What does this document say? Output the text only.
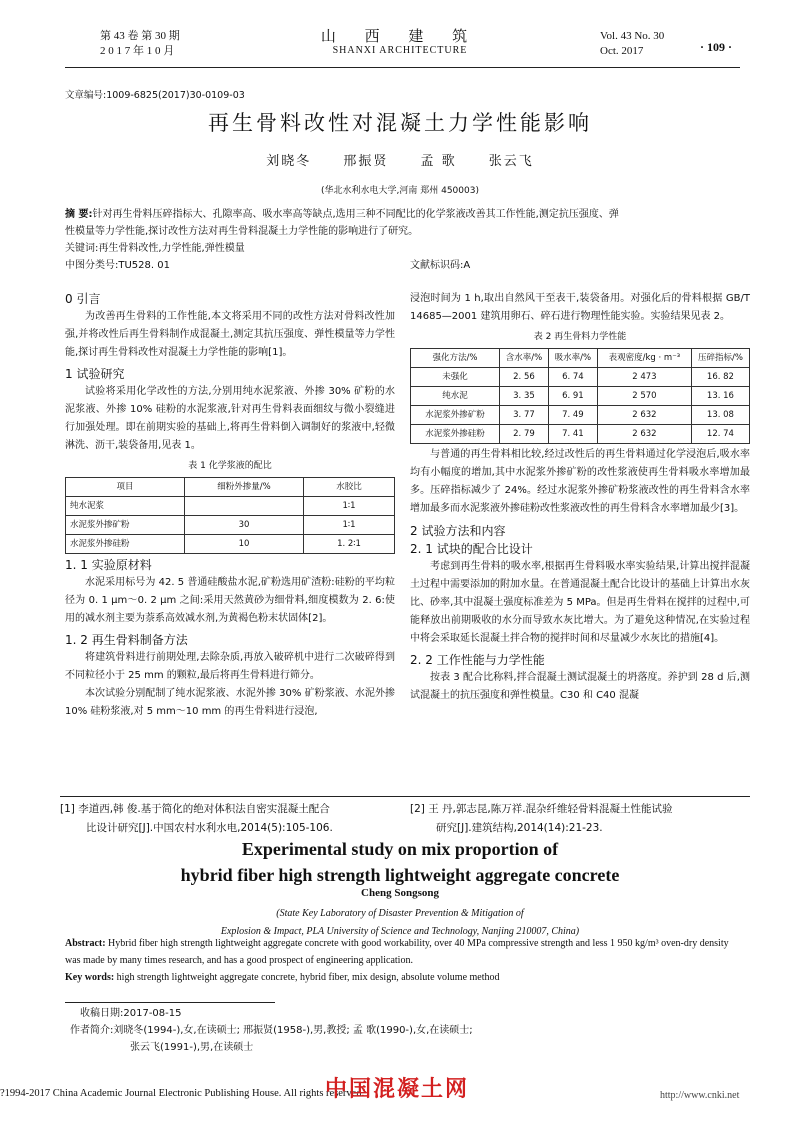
第 43 卷 第 30 期
2 0 1 7 年 1 0 月
山 西 建 筑
SHANXI ARCHITECTURE
Vol. 43 No. 30
Oct. 2017	· 109 ·
文章编号:1009-6825(2017)30-0109-03
再生骨料改性对混凝土力学性能影响
刘晓冬 邢振贤 孟 歌 张云飞
(华北水利水电大学,河南 郑州 450003)
摘 要:针对再生骨料压碎指标大、孔隙率高、吸水率高等缺点,选用三种不同配比的化学浆液改善其工作性能,测定抗压强度、弹
性模量等力学性能,探讨改性方法对再生骨料混凝土力学性能的影响进行了研究。
关键词:再生骨料改性,力学性能,弹性模量
中图分类号:TU528. 01	文献标识码:A
0 引言

为改善再生骨料的工作性能,本文将采用不同的改性方法对骨料改性加强,并将改性后再生骨料制作成混凝土,测定其抗压强度、弹性模量等力学性能,探讨再生骨料改性对混凝土力学性能的影响[1]。

1 试验研究

试验将采用化学改性的方法,分别用纯水泥浆液、外掺 30% 矿粉的水泥浆液、外掺 10% 硅粉的水泥浆液,针对再生骨料表面细纹与微小裂缝进行加强处理。即在前期实验的基础上,将再生骨料倒入调制好的浆液中,轻微淋洗、沥干,装袋备用,见表 1。

表 1 化学浆液的配比
项目	细粉外掺量/%	水胶比
纯水泥浆		1∶1
水泥浆外掺矿粉	30	1∶1
水泥浆外掺硅粉	10	1. 2∶1
1. 1 实验原材料

水泥采用标号为 42. 5 普通硅酸盐水泥,矿粉选用矿渣粉:硅粉的平均粒径为 0. 1 μm～0. 2 μm 之间:采用天然黄砂为细骨料,细度模数为 2. 6:使用的减水剂主要为萘系高效减水剂,为黄褐色粉末状固体[2]。

1. 2 再生骨料制备方法

将建筑骨料进行前期处理,去除杂质,再放入破碎机中进行二次破碎得到不同粒径小于 25 mm 的颗粒,最后将再生骨料进行筛分。

本次试验分别配制了纯水泥浆液、水泥外掺 30% 矿粉浆液、水泥外掺 10% 硅粉浆液,对 5 mm～10 mm 的再生骨料进行浸泡,

浸泡时间为 1 h,取出自然风干至表干,装袋备用。对强化后的骨料根据 GB/T 14685—2001 建筑用卵石、碎石进行物理性能实验。实验结果见表 2。

表 2 再生骨料力学性能
强化方法/%	含水率/%	吸水率/%	表观密度/kg · m⁻³	压碎指标/%
未强化	2. 56	6. 74	2 473	16. 82
纯水泥	3. 35	6. 91	2 570	13. 16
水泥浆外掺矿粉	3. 77	7. 49	2 632	13. 08
水泥浆外掺硅粉	2. 79	7. 41	2 632	12. 74

与普通的再生骨料相比较,经过改性后的再生骨料通过化学浸泡后,吸水率均有小幅度的增加,其中水泥浆外掺矿粉的改性浆液使再生骨料吸水率增加最多。压碎指标减少了 24%。经过水泥浆外掺矿粉浆液改性的再生骨料含水率增加最多而水泥浆液外掺硅粉改性浆液改性的再生骨料含水率增加最少[3]。

2 试验方法和内容
2. 1 试块的配合比设计

考虑到再生骨料的吸水率,根据再生骨料吸水率实验结果,计算出搅拌混凝土过程中需要添加的附加水量。在普通混凝土配合比设计的基础上计算出水灰比、砂率,其中混凝土强度标准差为 5 MPa。但是再生骨料在搅拌的过程中,可能释放出前期吸收的水分而导致水灰比增大。为了避免这种情况,在实验过程中将会采取延长混凝土拌合物的搅拌时间和尽量减少水灰比的措施[4]。

2. 2 工作性能与力学性能

按表 3 配合比称料,拌合混凝土测试混凝土的坍落度。养护到 28 d 后,测试混凝土的抗压强度和弹性模量。C30 和 C40 混凝

[1] 李道西,韩 俊.基于简化的绝对体积法自密实混凝土配合
比设计研究[J].中国农村水利水电,2014(5):105-106.
[2] 王 丹,郭志昆,陈万祥.混杂纤维轻骨料混凝土性能试验
研究[J].建筑结构,2014(14):21-23.
Experimental study on mix proportion of
hybrid fiber high strength lightweight aggregate concrete
Cheng Songsong
(State Key Laboratory of Disaster Prevention & Mitigation of
Explosion & Impact, PLA University of Science and Technology, Nanjing 210007, China)
Abstract: Hybrid fiber high strength lightweight aggregate concrete with good workability, over 40 MPa compressive strength and less 1 950 kg/m³ oven-dry density was made by many times research, and has a good prospect of engineering application.
Key words: high strength lightweight aggregate concrete, hybrid fiber, mix design, absolute volume method
收稿日期:2017-08-15
作者简介:刘晓冬(1994-),女,在读硕士; 邢振贤(1958-),男,教授; 孟 歌(1990-),女,在读硕士;
张云飞(1991-),男,在读硕士
?1994-2017 China Academic Journal Electronic Publishing House. All rights reserved.
中国混凝土网	http://www.cnki.net
